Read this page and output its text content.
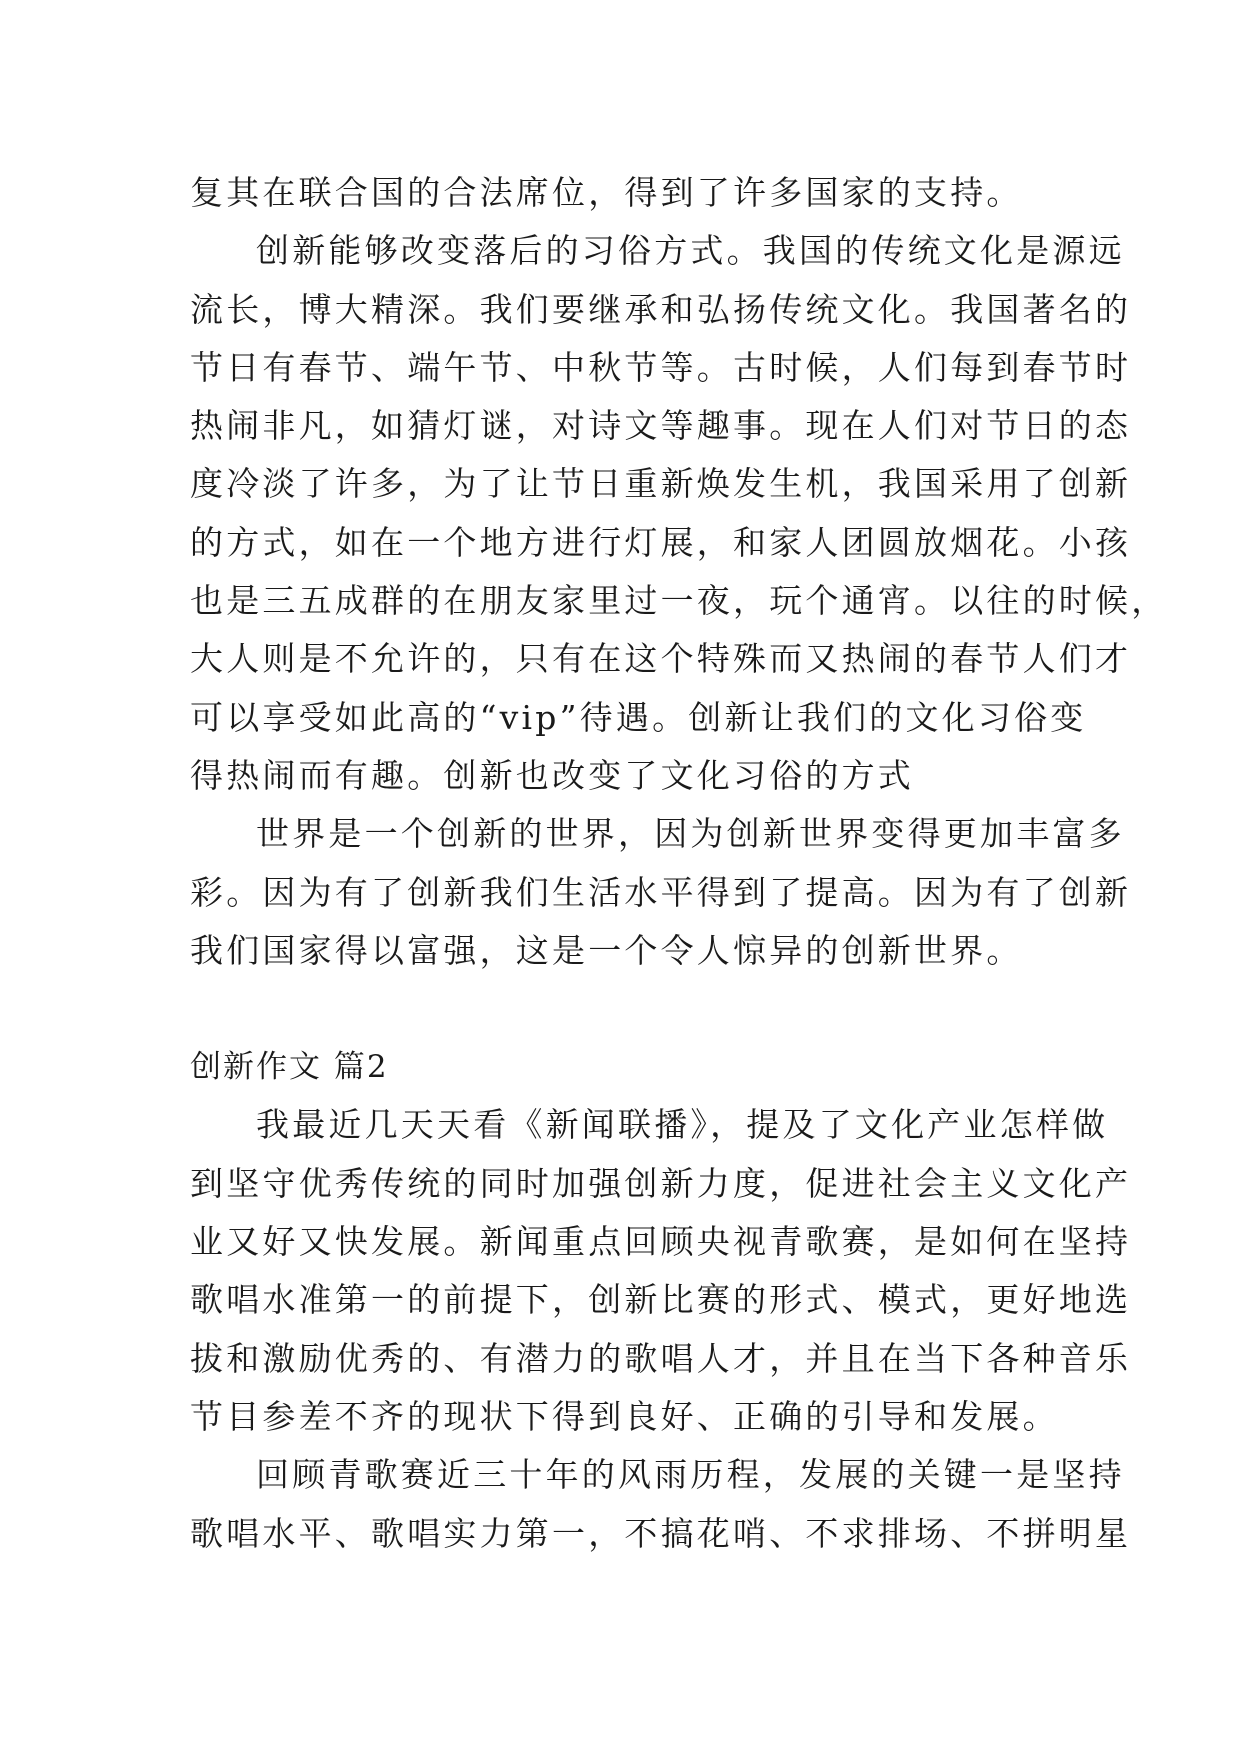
复其在联合国的合法席位，得到了许多国家的支持。
创新能够改变落后的习俗方式。我国的传统文化是源远
流长，博大精深。我们要继承和弘扬传统文化。我国著名的
节日有春节、端午节、中秋节等。古时候，人们每到春节时
热闹非凡，如猜灯谜，对诗文等趣事。现在人们对节日的态
度冷淡了许多，为了让节日重新焕发生机，我国采用了创新
的方式，如在一个地方进行灯展，和家人团圆放烟花。小孩
也是三五成群的在朋友家里过一夜，玩个通宵。以往的时候，
大人则是不允许的，只有在这个特殊而又热闹的春节人们才
可以享受如此高的“vip”待遇。创新让我们的文化习俗变
得热闹而有趣。创新也改变了文化习俗的方式
世界是一个创新的世界，因为创新世界变得更加丰富多
彩。因为有了创新我们生活水平得到了提高。因为有了创新
我们国家得以富强，这是一个令人惊异的创新世界。
创新作文 篇2
我最近几天天看《新闻联播》，提及了文化产业怎样做
到坚守优秀传统的同时加强创新力度，促进社会主义文化产
业又好又快发展。新闻重点回顾央视青歌赛，是如何在坚持
歌唱水准第一的前提下，创新比赛的形式、模式，更好地选
拔和激励优秀的、有潜力的歌唱人才，并且在当下各种音乐
节目参差不齐的现状下得到良好、正确的引导和发展。
回顾青歌赛近三十年的风雨历程，发展的关键一是坚持
歌唱水平、歌唱实力第一，不搞花哨、不求排场、不拼明星
